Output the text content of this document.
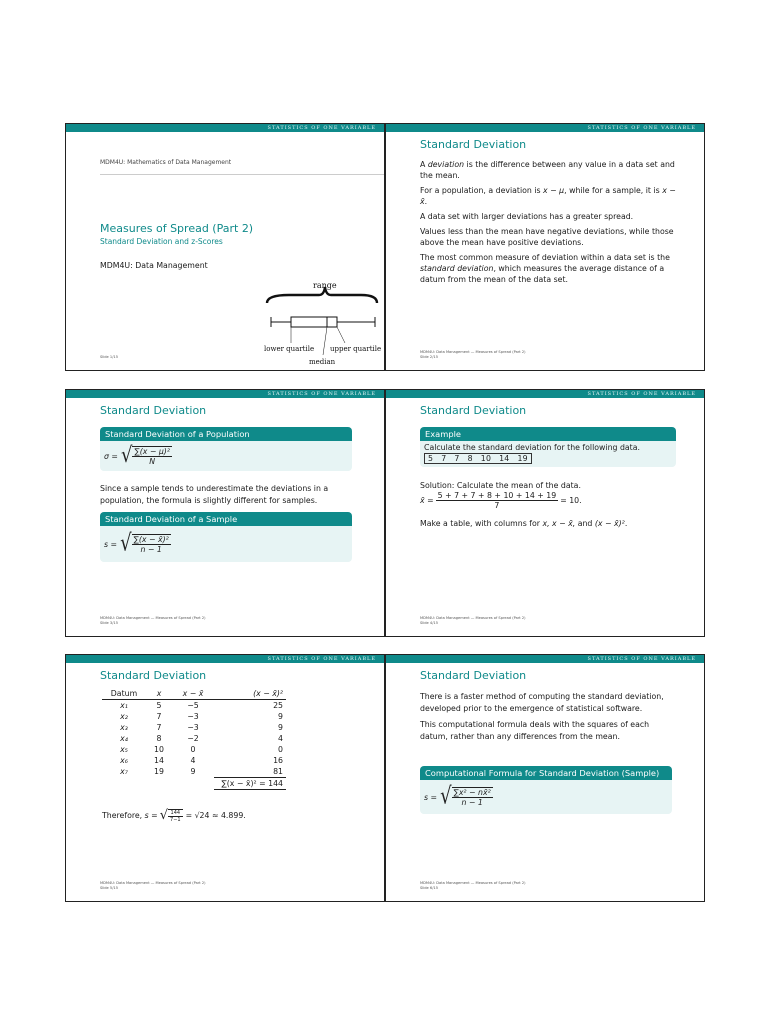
STATISTICS OF ONE VARIABLE
MDM4U: Mathematics of Data Management
Measures of Spread (Part 2)
Standard Deviation and z-Scores
MDM4U: Data Management
range
lower quartile upper quartile
median
Slide 1/15
STATISTICS OF ONE VARIABLE
Standard Deviation

A deviation is the difference between any value in a data set and the mean.

For a population, a deviation is x − μ, while for a sample, it is x − x̄.

A data set with larger deviations has a greater spread.

Values less than the mean have negative deviations, while those above the mean have positive deviations.

The most common measure of deviation within a data set is the standard deviation, which measures the average distance of a datum from the mean of the data set.

MDM4U: Data Management — Measures of Spread (Part 2)
Slide 2/15
STATISTICS OF ONE VARIABLE
Standard Deviation
Standard Deviation of a Population
σ = √ $\frac{\text{∑(x − μ)²}}{N}$
Since a sample tends to underestimate the deviations in a population, the formula is slightly different for samples.
Standard Deviation of a Sample
s = √ $\frac{\text{∑(x − x̄)²}}{n - 1}$
MDM4U: Data Management — Measures of Spread (Part 2)
Slide 3/15
STATISTICS OF ONE VARIABLE
Standard Deviation
Example
Calculate the standard deviation for the following data.
5   7   7   8   10   14   19
Solution: Calculate the mean of the data.
x̄ = $\frac{5 + 7 + 7 + 8 + 10 + 14 + 19}{7} = 10$.
Make a table, with columns for x, x − x̄, and (x − x̄)².
MDM4U: Data Management — Measures of Spread (Part 2)
Slide 4/15
STATISTICS OF ONE VARIABLE
Standard Deviation
Datum	x	x − x̄	(x − x̄)²
x₁	5	−5	25
x₂	7	−3	9
x₃	7	−3	9
x₄	8	−2	4
x₅	10	0	0
x₆	14	4	16
x₇	19	9	81
			∑(x − x̄)² = 144
Therefore, s = √ $\frac{144}{7-1} = √24 \approx 4.899$.
MDM4U: Data Management — Measures of Spread (Part 2)
Slide 5/15
STATISTICS OF ONE VARIABLE
Standard Deviation

There is a faster method of computing the standard deviation, developed prior to the emergence of statistical software.

This computational formula deals with the squares of each datum, rather than any differences from the mean.

Computational Formula for Standard Deviation (Sample)
s = √ $\frac{\text{∑x² − nx̄²}}{n - 1}$
MDM4U: Data Management — Measures of Spread (Part 2)
Slide 6/15
